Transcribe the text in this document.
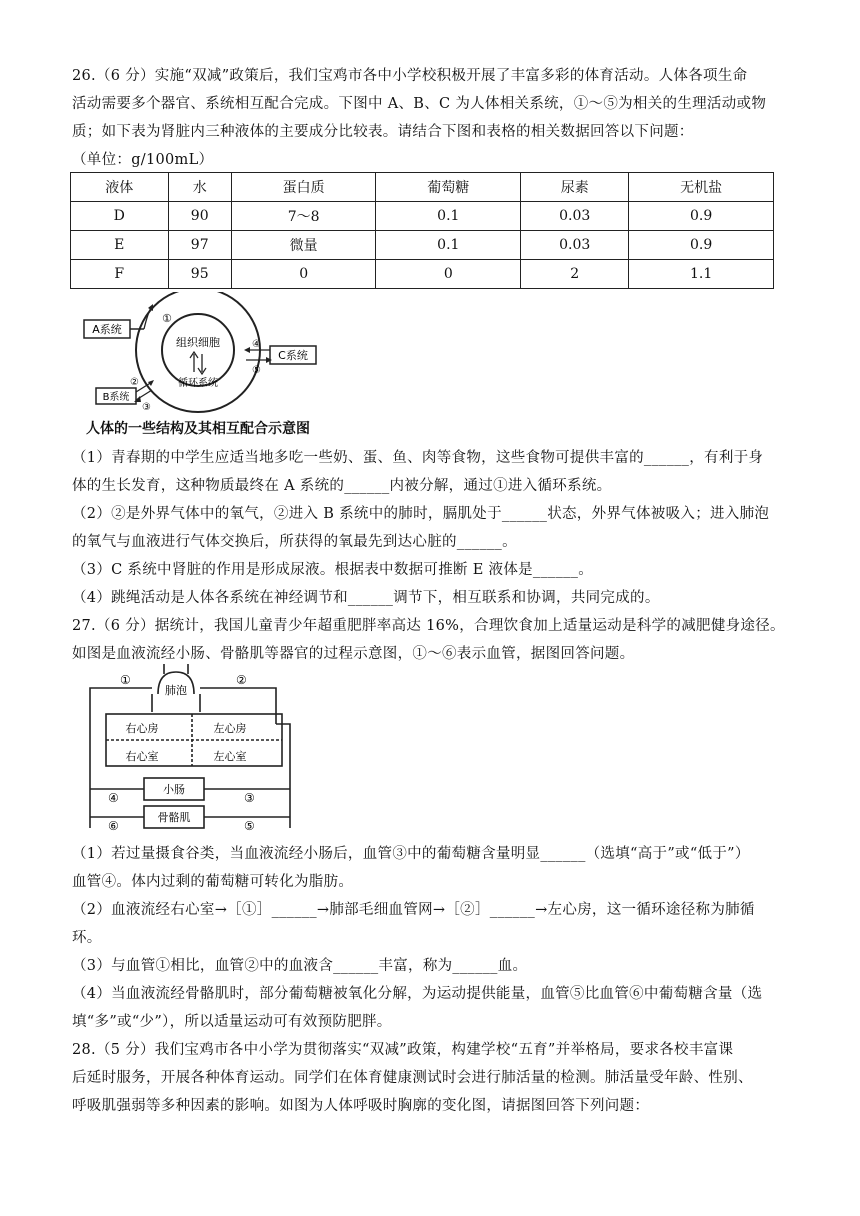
26.（6 分）实施“双减”政策后，我们宝鸡市各中小学校积极开展了丰富多彩的体育活动。人体各项生命
活动需要多个器官、系统相互配合完成。下图中 A、B、C 为人体相关系统，①～⑤为相关的生理活动或物
质；如下表为肾脏内三种液体的主要成分比较表。请结合下图和表格的相关数据回答以下问题：
（单位：g/100mL）
液体	水	蛋白质	葡萄糖	尿素	无机盐
D	90	7～8	0.1	0.03	0.9
E	97	微量	0.1	0.03	0.9
F	95	0	0	2	1.1
组织细胞
循环系统
A系统
①
C系统
④
⑤
B系统
②
③
人体的一些结构及其相互配合示意图
（1）青春期的中学生应适当地多吃一些奶、蛋、鱼、肉等食物，这些食物可提供丰富的______，有利于身
体的生长发育，这种物质最终在 A 系统的______内被分解，通过①进入循环系统。
（2）②是外界气体中的氧气，②进入 B 系统中的肺时，膈肌处于______状态，外界气体被吸入；进入肺泡
的氧气与血液进行气体交换后，所获得的氧最先到达心脏的______。
（3）C 系统中肾脏的作用是形成尿液。根据表中数据可推断 E 液体是______。
（4）跳绳活动是人体各系统在神经调节和______调节下，相互联系和协调，共同完成的。
27.（6 分）据统计，我国儿童青少年超重肥胖率高达 16%，合理饮食加上适量运动是科学的减肥健身途径。
如图是血液流经小肠、骨骼肌等器官的过程示意图，①～⑥表示血管，据图回答问题。
肺泡
右心房	左心房
右心室	左心室
小肠
骨骼肌
①	②
③
④
⑤
⑥
（1）若过量摄食谷类，当血液流经小肠后，血管③中的葡萄糖含量明显______（选填“高于”或“低于”）
血管④。体内过剩的葡萄糖可转化为脂肪。
（2）血液流经右心室→［①］______→肺部毛细血管网→［②］______→左心房，这一循环途径称为肺循
环。
（3）与血管①相比，血管②中的血液含______丰富，称为______血。
（4）当血液流经骨骼肌时，部分葡萄糖被氧化分解，为运动提供能量，血管⑤比血管⑥中葡萄糖含量（选
填“多”或“少”），所以适量运动可有效预防肥胖。
28.（5 分）我们宝鸡市各中小学为贯彻落实“双减”政策，构建学校“五育”并举格局，要求各校丰富课
后延时服务，开展各种体育运动。同学们在体育健康测试时会进行肺活量的检测。肺活量受年龄、性别、
呼吸肌强弱等多种因素的影响。如图为人体呼吸时胸廓的变化图，请据图回答下列问题：
